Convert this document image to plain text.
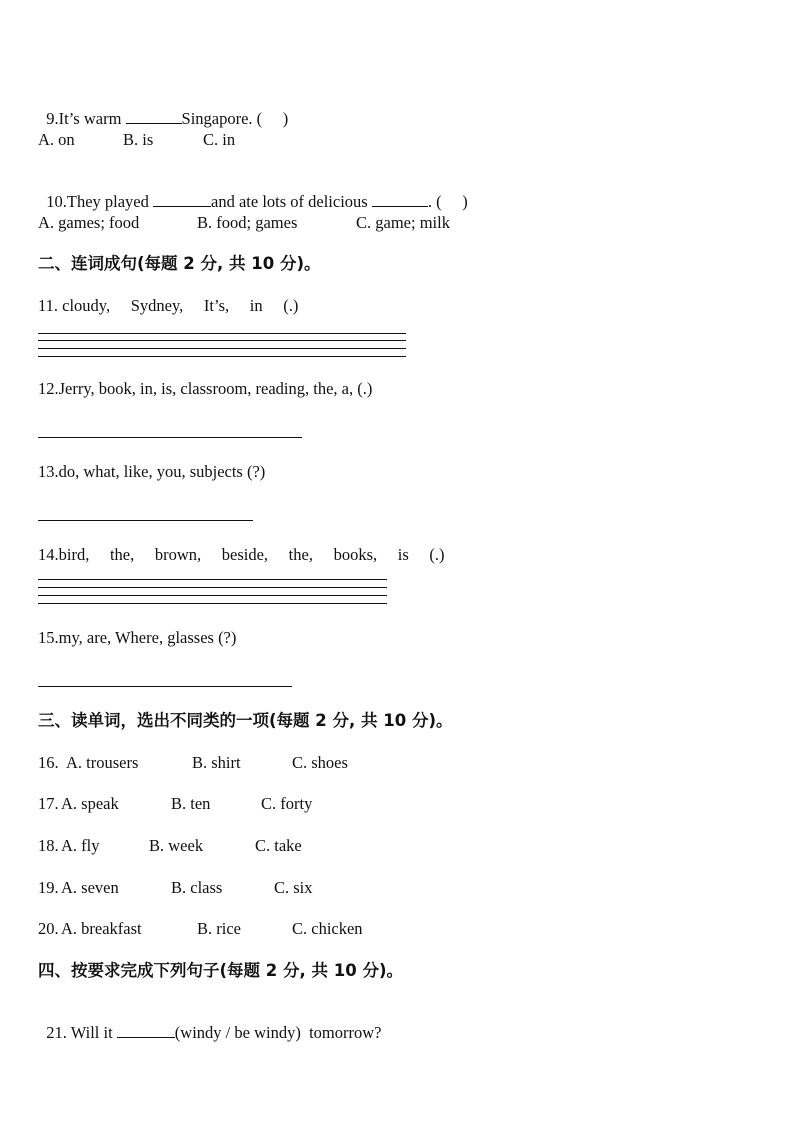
9.It’s warm	Singapore. (     )

A. on

	B. is

	C. in

10.They played	and ate lots of delicious	. (     )

A. games; food

	B. food; games

	C. game; milk

二、连词成句(每题 2 分, 共 10 分)。
11. cloudy,     Sydney,     It’s,     in     (.)
12.Jerry, book, in, is, classroom, reading, the, a, (.)
13.do, what, like, you, subjects (?)
14.bird,     the,     brown,     beside,     the,     books,     is     (.)
15.my, are, Where, glasses (?)
三、读单词，选出不同类的一项(每题 2 分, 共 10 分)。

16.

A. trousers

	B. shirt

	C. shoes

17.

A. speak

	B. ten

	C. forty

18.

A. fly

	B. week

	C. take

19.

A. seven

	B. class

	C. six

20.

A. breakfast

	B. rice

	C. chicken

四、按要求完成下列句子(每题 2 分, 共 10 分)。

21. Will it	(windy / be windy)  tomorrow?
